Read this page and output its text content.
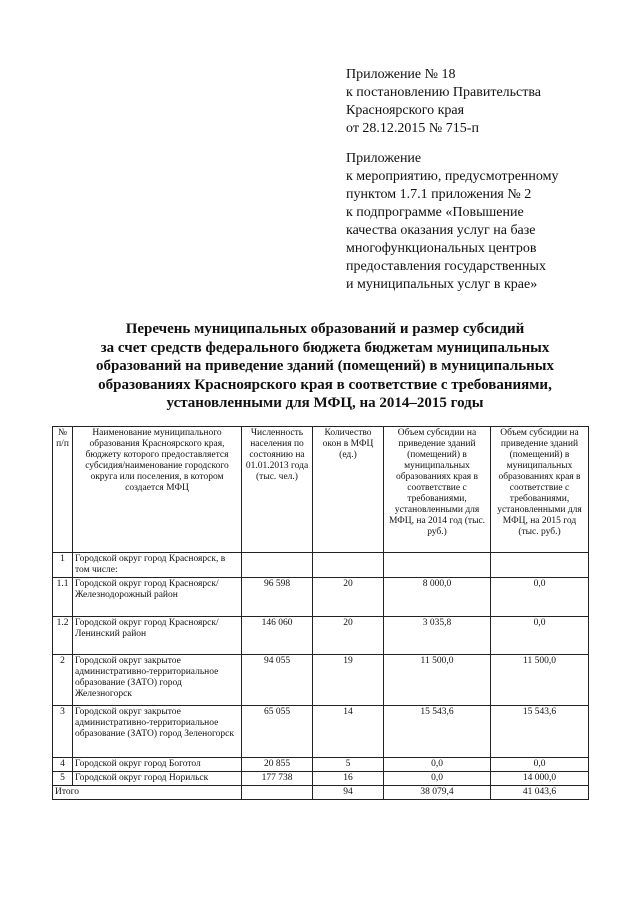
Приложение № 18
к постановлению Правительства
Красноярского края
от 28.12.2015 № 715-п
Приложение
к мероприятию, предусмотренному
пунктом 1.7.1 приложения № 2
к подпрограмме «Повышение
качества оказания услуг на базе
многофункциональных центров
предоставления государственных
и муниципальных услуг в крае»
Перечень муниципальных образований и размер субсидий
за счет средств федерального бюджета бюджетам муниципальных
образований на приведение зданий (помещений) в муниципальных
образованиях Красноярского края в соответствие с требованиями,
установленными для МФЦ, на 2014–2015 годы
№ п/п	Наименование муниципального образования Красноярского края, бюджету которого предоставляется субсидия/наименование городского округа или поселения, в котором создается МФЦ	Численность населения по состоянию на 01.01.2013 года (тыс. чел.)	Количество окон в МФЦ (ед.)	Объем субсидии на приведение зданий (помещений) в муниципальных образованиях края в соответствие с требованиями, установленными для МФЦ, на 2014 год (тыс. руб.)	Объем субсидии на приведение зданий (помещений) в муниципальных образованиях края в соответствие с требованиями, установленными для МФЦ, на 2015 год (тыс. руб.)
1	Городской округ город Красноярск, в том числе:				
1.1	Городской округ город Красноярск/Железнодорожный район	96 598	20	8 000,0	0,0
1.2	Городской округ город Красноярск/Ленинский район	146 060	20	3 035,8	0,0
2	Городской округ закрытое административно-территориальное образование (ЗАТО) город Железногорск	94 055	19	11 500,0	11 500,0
3	Городской округ закрытое административно-территориальное образование (ЗАТО) город Зеленогорск	65 055	14	15 543,6	15 543,6
4	Городской округ город Боготол	20 855	5	0,0	0,0
5	Городской округ город Норильск	177 738	16	0,0	14 000,0
Итого			94	38 079,4	41 043,6
